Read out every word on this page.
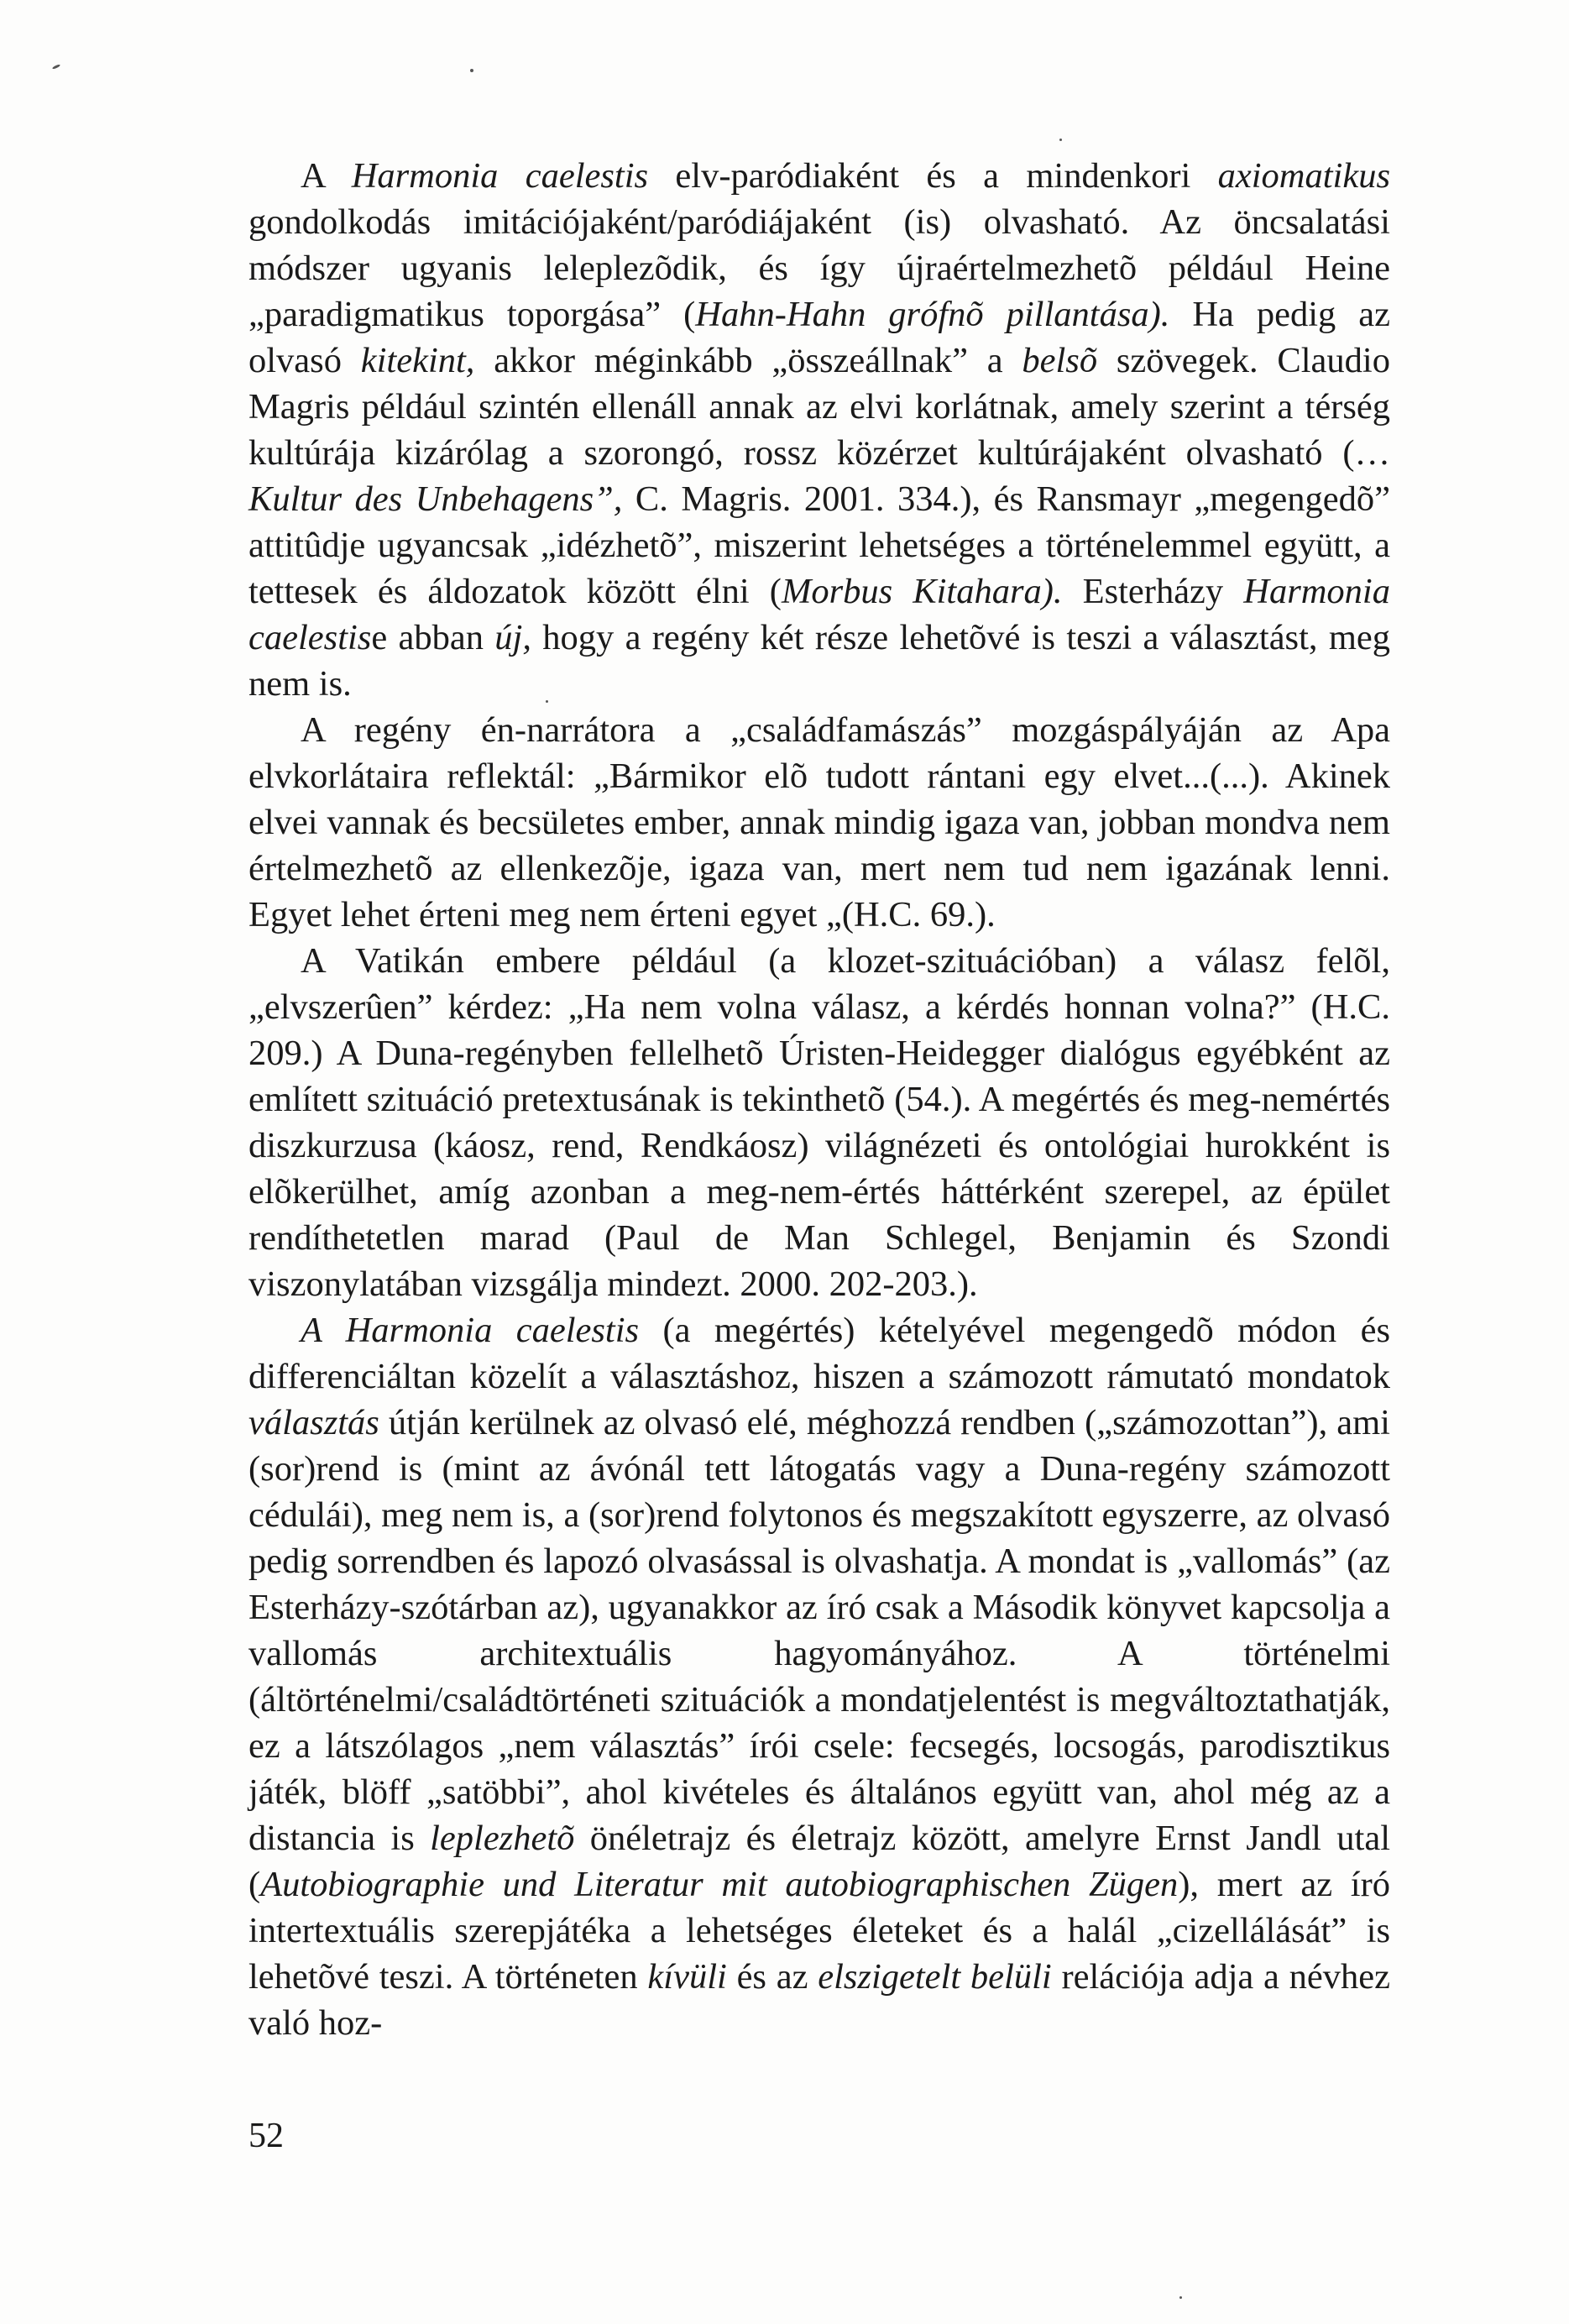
A Harmonia caelestis elv-paródiaként és a mindenkori axiomatikus gondolkodás imitációjaként/paródiájaként (is) olvasható. Az öncsalatási módszer ugyanis leleplezõdik, és így újraértelmezhetõ például Heine „paradigmatikus toporgása” (Hahn-Hahn grófnõ pillantása). Ha pedig az olvasó kitekint, akkor méginkább „összeállnak” a belsõ szövegek. Claudio Magris például szintén ellenáll annak az elvi korlátnak, amely szerint a térség kultúrája kizárólag a szorongó, rossz közérzet kultúrájaként olvasható (…Kultur des Unbehagens”, C. Magris. 2001. 334.), és Ransmayr „megengedõ” attitûdje ugyancsak „idézhetõ”, miszerint lehetséges a történelemmel együtt, a tettesek és áldozatok között élni (Morbus Kitahara). Esterházy Harmonia caelestise abban új, hogy a regény két része lehetõvé is teszi a választást, meg nem is.

A regény én-narrátora a „családfamászás” mozgáspályáján az Apa elvkorlátaira reflektál: „Bármikor elõ tudott rántani egy elvet...(...). Akinek elvei vannak és becsületes ember, annak mindig igaza van, jobban mondva nem értelmezhetõ az ellenkezõje, igaza van, mert nem tud nem igazának lenni. Egyet lehet érteni meg nem érteni egyet „(H.C. 69.).

A Vatikán embere például (a klozet-szituációban) a válasz felõl, „elvszerûen” kérdez: „Ha nem volna válasz, a kérdés honnan volna?” (H.C. 209.) A Duna-regényben fellelhetõ Úristen-Heidegger dialógus egyébként az említett szituáció pretextusának is tekinthetõ (54.). A megértés és meg-nemértés diszkurzusa (káosz, rend, Rendkáosz) világnézeti és ontológiai hurokként is elõkerülhet, amíg azonban a meg-nem-értés háttérként szerepel, az épület rendíthetetlen marad (Paul de Man Schlegel, Benjamin és Szondi viszonylatában vizsgálja mindezt. 2000. 202-203.).

A Harmonia caelestis (a megértés) kételyével megengedõ módon és differenciáltan közelít a választáshoz, hiszen a számozott rámutató mondatok választás útján kerülnek az olvasó elé, méghozzá rendben („számozottan”), ami (sor)rend is (mint az ávónál tett látogatás vagy a Duna-regény számozott cédulái), meg nem is, a (sor)rend folytonos és megszakított egyszerre, az olvasó pedig sorrendben és lapozó olvasással is olvashatja. A mondat is „vallomás” (az Esterházy-szótárban az), ugyanakkor az író csak a Második könyvet kapcsolja a vallomás architextuális hagyományához. A történelmi (áltörténelmi/családtörténeti szituációk a mondatjelentést is megváltoztathatják, ez a látszólagos „nem választás” írói csele: fecsegés, locsogás, parodisztikus játék, blöff „satöbbi”, ahol kivételes és általános együtt van, ahol még az a distancia is leplezhetõ önéletrajz és életrajz között, amelyre Ernst Jandl utal (Autobiographie und Literatur mit autobiographischen Zügen), mert az író intertextuális szerepjátéka a lehetséges életeket és a halál „cizellálását” is lehetõvé teszi. A történeten kívüli és az elszigetelt belüli relációja adja a névhez való hoz-

52
